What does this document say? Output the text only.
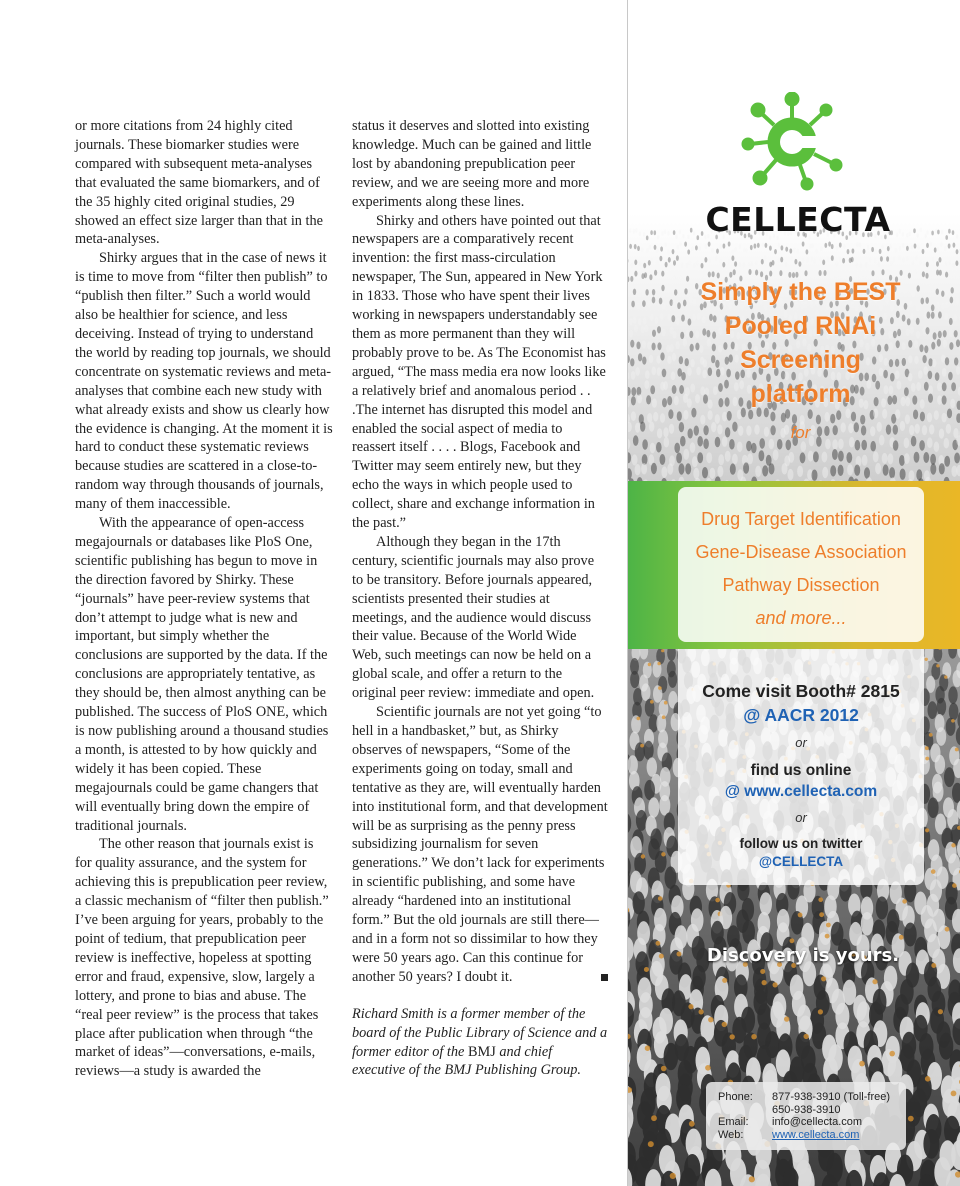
or more citations from 24 highly cited journals. These biomarker studies were compared with subsequent meta-analyses that evaluated the same biomarkers, and of the 35 highly cited original studies, 29 showed an effect size larger than that in the meta-analyses.

Shirky argues that in the case of news it is time to move from “filter then publish” to “publish then filter.” Such a world would also be healthier for science, and less deceiving. Instead of trying to understand the world by reading top journals, we should concentrate on systematic reviews and meta-analyses that combine each new study with what already exists and show us clearly how the evidence is changing. At the moment it is hard to conduct these systematic reviews because studies are scattered in a close-to-random way through thousands of journals, many of them inaccessible.

With the appearance of open-access megajournals or databases like PloS One, scientific publishing has begun to move in the direction favored by Shirky. These “journals” have peer-review systems that don’t attempt to judge what is new and important, but simply whether the conclusions are supported by the data. If the conclusions are appropriately tentative, as they should be, then almost anything can be published. The success of PloS ONE, which is now publishing around a thousand studies a month, is attested to by how quickly and widely it has been copied. These megajournals could be game changers that will eventually bring down the empire of traditional journals.

The other reason that journals exist is for quality assurance, and the system for achieving this is prepublication peer review, a classic mechanism of “filter then publish.” I’ve been arguing for years, probably to the point of tedium, that prepublication peer review is ineffective, hopeless at spotting error and fraud, expensive, slow, largely a lottery, and prone to bias and abuse. The “real peer review” is the process that takes place after publication when through “the market of ideas”—conversations, e-mails, reviews—a study is awarded the

status it deserves and slotted into existing knowledge. Much can be gained and little lost by abandoning prepublication peer review, and we are seeing more and more experiments along these lines.

Shirky and others have pointed out that newspapers are a comparatively recent invention: the first mass-circulation newspaper, The Sun, appeared in New York in 1833. Those who have spent their lives working in newspapers understandably see them as more permanent than they will probably prove to be. As The Economist has argued, “The mass media era now looks like a relatively brief and anomalous period . . .The internet has disrupted this model and enabled the social aspect of media to reassert itself . . . . Blogs, Facebook and Twitter may seem entirely new, but they echo the ways in which people used to collect, share and exchange information in the past.”

Although they began in the 17th century, scientific journals may also prove to be transitory. Before journals appeared, scientists presented their studies at meetings, and the audience would discuss their value. Because of the World Wide Web, such meetings can now be held on a global scale, and offer a return to the original peer review: immediate and open.

Scientific journals are not yet going “to hell in a handbasket,” but, as Shirky observes of newspapers, “Some of the experiments going on today, small and tentative as they are, will eventually harden into institutional form, and that development will be as surprising as the penny press subsidizing journalism for seven generations.” We don’t lack for experiments in scientific publishing, and some have already “hardened into an institutional form.” But the old journals are still there—and in a form not so dissimilar to how they were 50 years ago. Can this continue for another 50 years? I doubt it.

Richard Smith is a former member of the board of the Public Library of Science and a former editor of the BMJ and chief executive of the BMJ Publishing Group.

CELLECTA
Simply the BEST
Pooled RNAi
Screening
platform
for
Drug Target Identification
Gene-Disease Association
Pathway Dissection
and more...
Come visit Booth# 2815
@ AACR 2012
or
find us online
@ www.cellecta.com
or
follow us on twitter
@CELLECTA
Discovery is yours.
Phone:	877-938-3910 (Toll-free)
	650-938-3910
Email:	info@cellecta.com
Web:	www.cellecta.com
